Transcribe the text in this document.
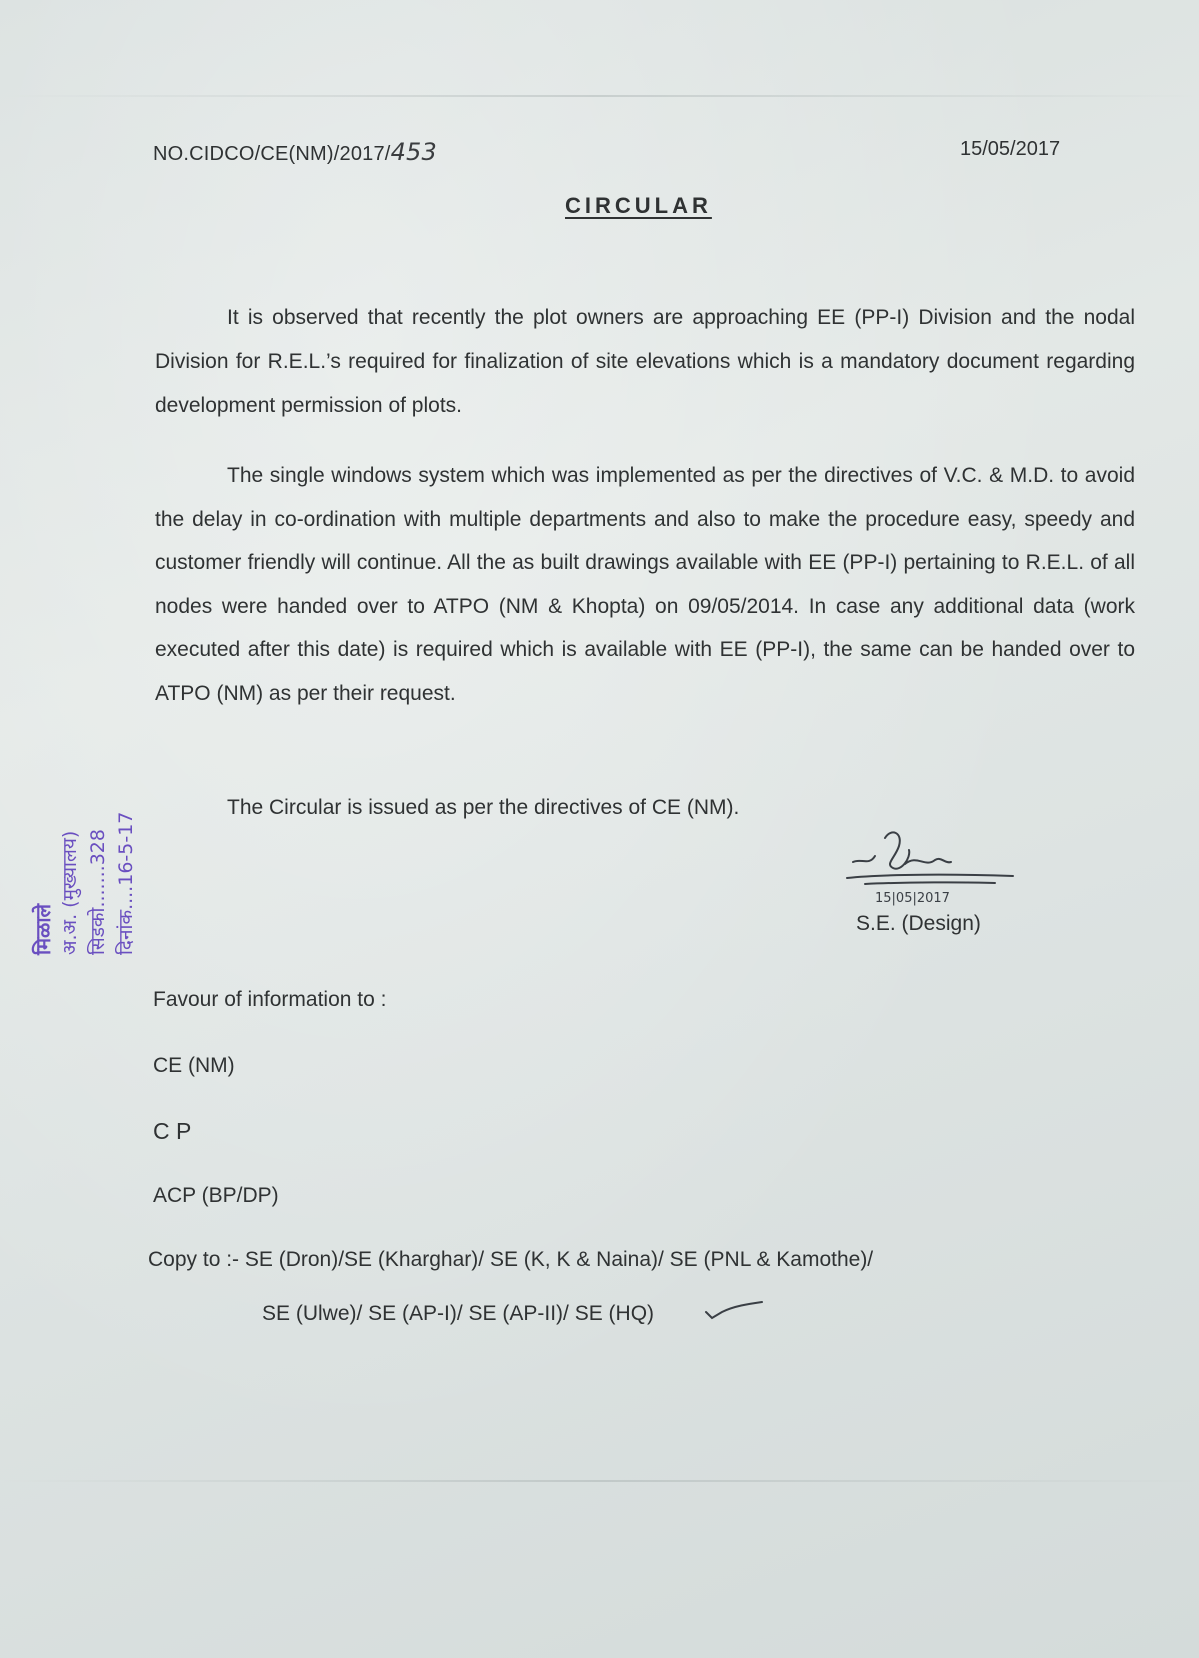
NO.CIDCO/CE(NM)/2017/453	15/05/2017
CIRCULAR

It is observed that recently the plot owners are approaching EE (PP-I) Division and the nodal Division for R.E.L.’s required for finalization of site elevations which is a mandatory document regarding development permission of plots.

The single windows system which was implemented as per the directives of V.C. & M.D. to avoid the delay in co-ordination with multiple departments and also to make the procedure easy, speedy and customer friendly will continue. All the as built drawings available with EE (PP-I) pertaining to R.E.L. of all nodes were handed over to ATPO (NM & Khopta) on 09/05/2014. In case any additional data (work executed after this date) is required which is available with EE (PP-I), the same can be handed over to ATPO (NM) as per their request.

The Circular is issued as per the directives of CE (NM).

मिळाले अ.अ. (मुख्यालय) सिडको.......328 दिनांक....16-5-17	15|05|2017
S.E. (Design)
Favour of information to :
CE (NM)
C P
ACP (BP/DP)
Copy to :- SE (Dron)/SE (Kharghar)/ SE (K, K & Naina)/ SE (PNL & Kamothe)/
SE (Ulwe)/ SE (AP-I)/ SE (AP-II)/ SE (HQ)
